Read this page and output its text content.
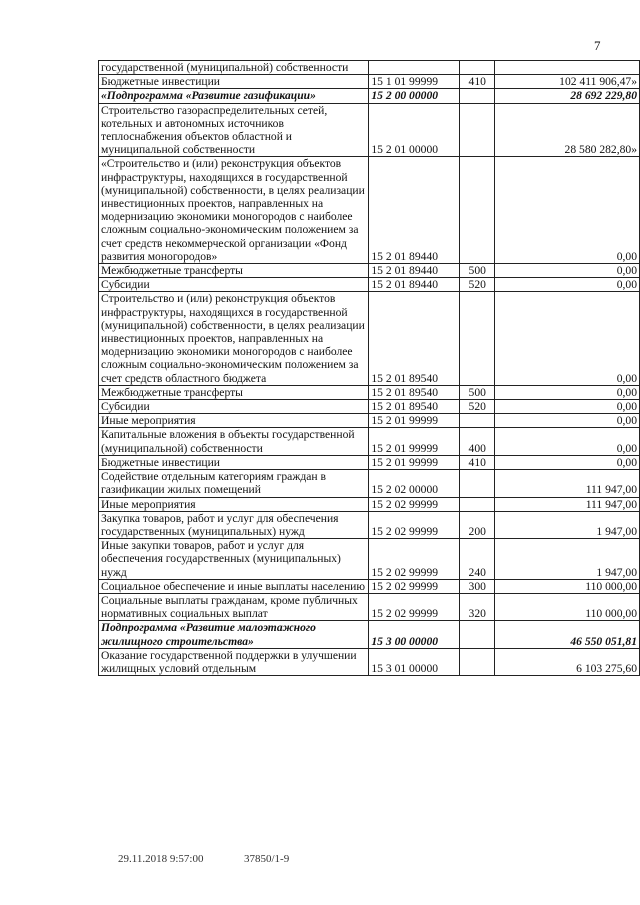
7
государственной (муниципальной) собственности			
Бюджетные инвестиции	15 1 01 99999	410	102 411 906,47»
«Подпрограмма «Развитие газификации»	15 2 00 00000		28 692 229,80
Строительство газораспределительных сетей, котельных и автономных источников теплоснабжения объектов областной и муниципальной собственности	15 2 01 00000		28 580 282,80»
«Строительство и (или) реконструкция объектов инфраструктуры, находящихся в государственной (муниципальной) собственности, в целях реализации инвестиционных проектов, направленных на модернизацию экономики моногородов с наиболее сложным социально-экономическим положением за счет средств некоммерческой организации «Фонд развития моногородов»	15 2 01 89440		0,00
Межбюджетные трансферты	15 2 01 89440	500	0,00
Субсидии	15 2 01 89440	520	0,00
Строительство и (или) реконструкция объектов инфраструктуры, находящихся в государственной (муниципальной) собственности, в целях реализации инвестиционных проектов, направленных на модернизацию экономики моногородов с наиболее сложным социально-экономическим положением за счет средств областного бюджета	15 2 01 89540		0,00
Межбюджетные трансферты	15 2 01 89540	500	0,00
Субсидии	15 2 01 89540	520	0,00
Иные мероприятия	15 2 01 99999		0,00
Капитальные вложения в объекты государственной (муниципальной) собственности	15 2 01 99999	400	0,00
Бюджетные инвестиции	15 2 01 99999	410	0,00
Содействие отдельным категориям граждан в газификации жилых помещений	15 2 02 00000		111 947,00
Иные мероприятия	15 2 02 99999		111 947,00
Закупка товаров, работ и услуг для обеспечения государственных (муниципальных) нужд	15 2 02 99999	200	1 947,00
Иные закупки товаров, работ и услуг для обеспечения государственных (муниципальных) нужд	15 2 02 99999	240	1 947,00
Социальное обеспечение и иные выплаты населению	15 2 02 99999	300	110 000,00
Социальные выплаты гражданам, кроме публичных нормативных социальных выплат	15 2 02 99999	320	110 000,00
Подпрограмма «Развитие малоэтажного жилищного строительства»	15 3 00 00000		46 550 051,81
Оказание государственной поддержки в улучшении жилищных условий отдельным	15 3 01 00000		6 103 275,60
29.11.2018 9:57:00	37850/1-9
